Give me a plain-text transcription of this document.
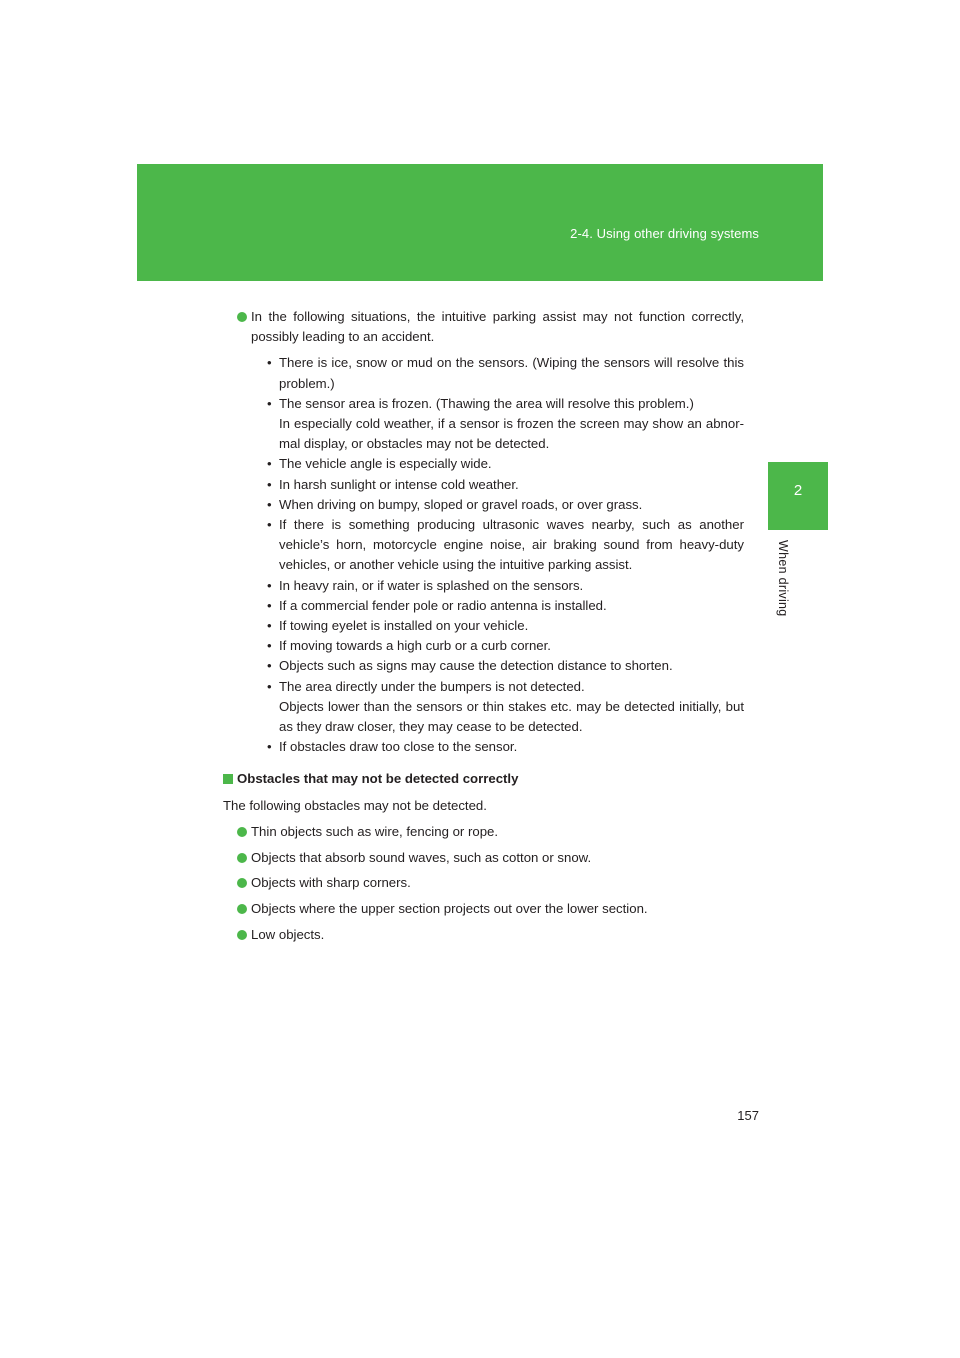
2-4. Using other driving systems
2
When driving
In the following situations, the intuitive parking assist may not function correctly, possibly leading to an accident.
• There is ice, snow or mud on the sensors. (Wiping the sensors will resolve this problem.)
• The sensor area is frozen. (Thawing the area will resolve this problem.)
In especially cold weather, if a sensor is frozen the screen may show an abnor-mal display, or obstacles may not be detected.
• The vehicle angle is especially wide.
• In harsh sunlight or intense cold weather.
• When driving on bumpy, sloped or gravel roads, or over grass.
• If there is something producing ultrasonic waves nearby, such as another vehicle’s horn, motorcycle engine noise, air braking sound from heavy-duty vehicles, or another vehicle using the intuitive parking assist.
• In heavy rain, or if water is splashed on the sensors.
• If a commercial fender pole or radio antenna is installed.
• If towing eyelet is installed on your vehicle.
• If moving towards a high curb or a curb corner.
• Objects such as signs may cause the detection distance to shorten.
• The area directly under the bumpers is not detected.
Objects lower than the sensors or thin stakes etc. may be detected initially, but as they draw closer, they may cease to be detected.
• If obstacles draw too close to the sensor.
Obstacles that may not be detected correctly
The following obstacles may not be detected.
Thin objects such as wire, fencing or rope.
Objects that absorb sound waves, such as cotton or snow.
Objects with sharp corners.
Objects where the upper section projects out over the lower section.
Low objects.
157
